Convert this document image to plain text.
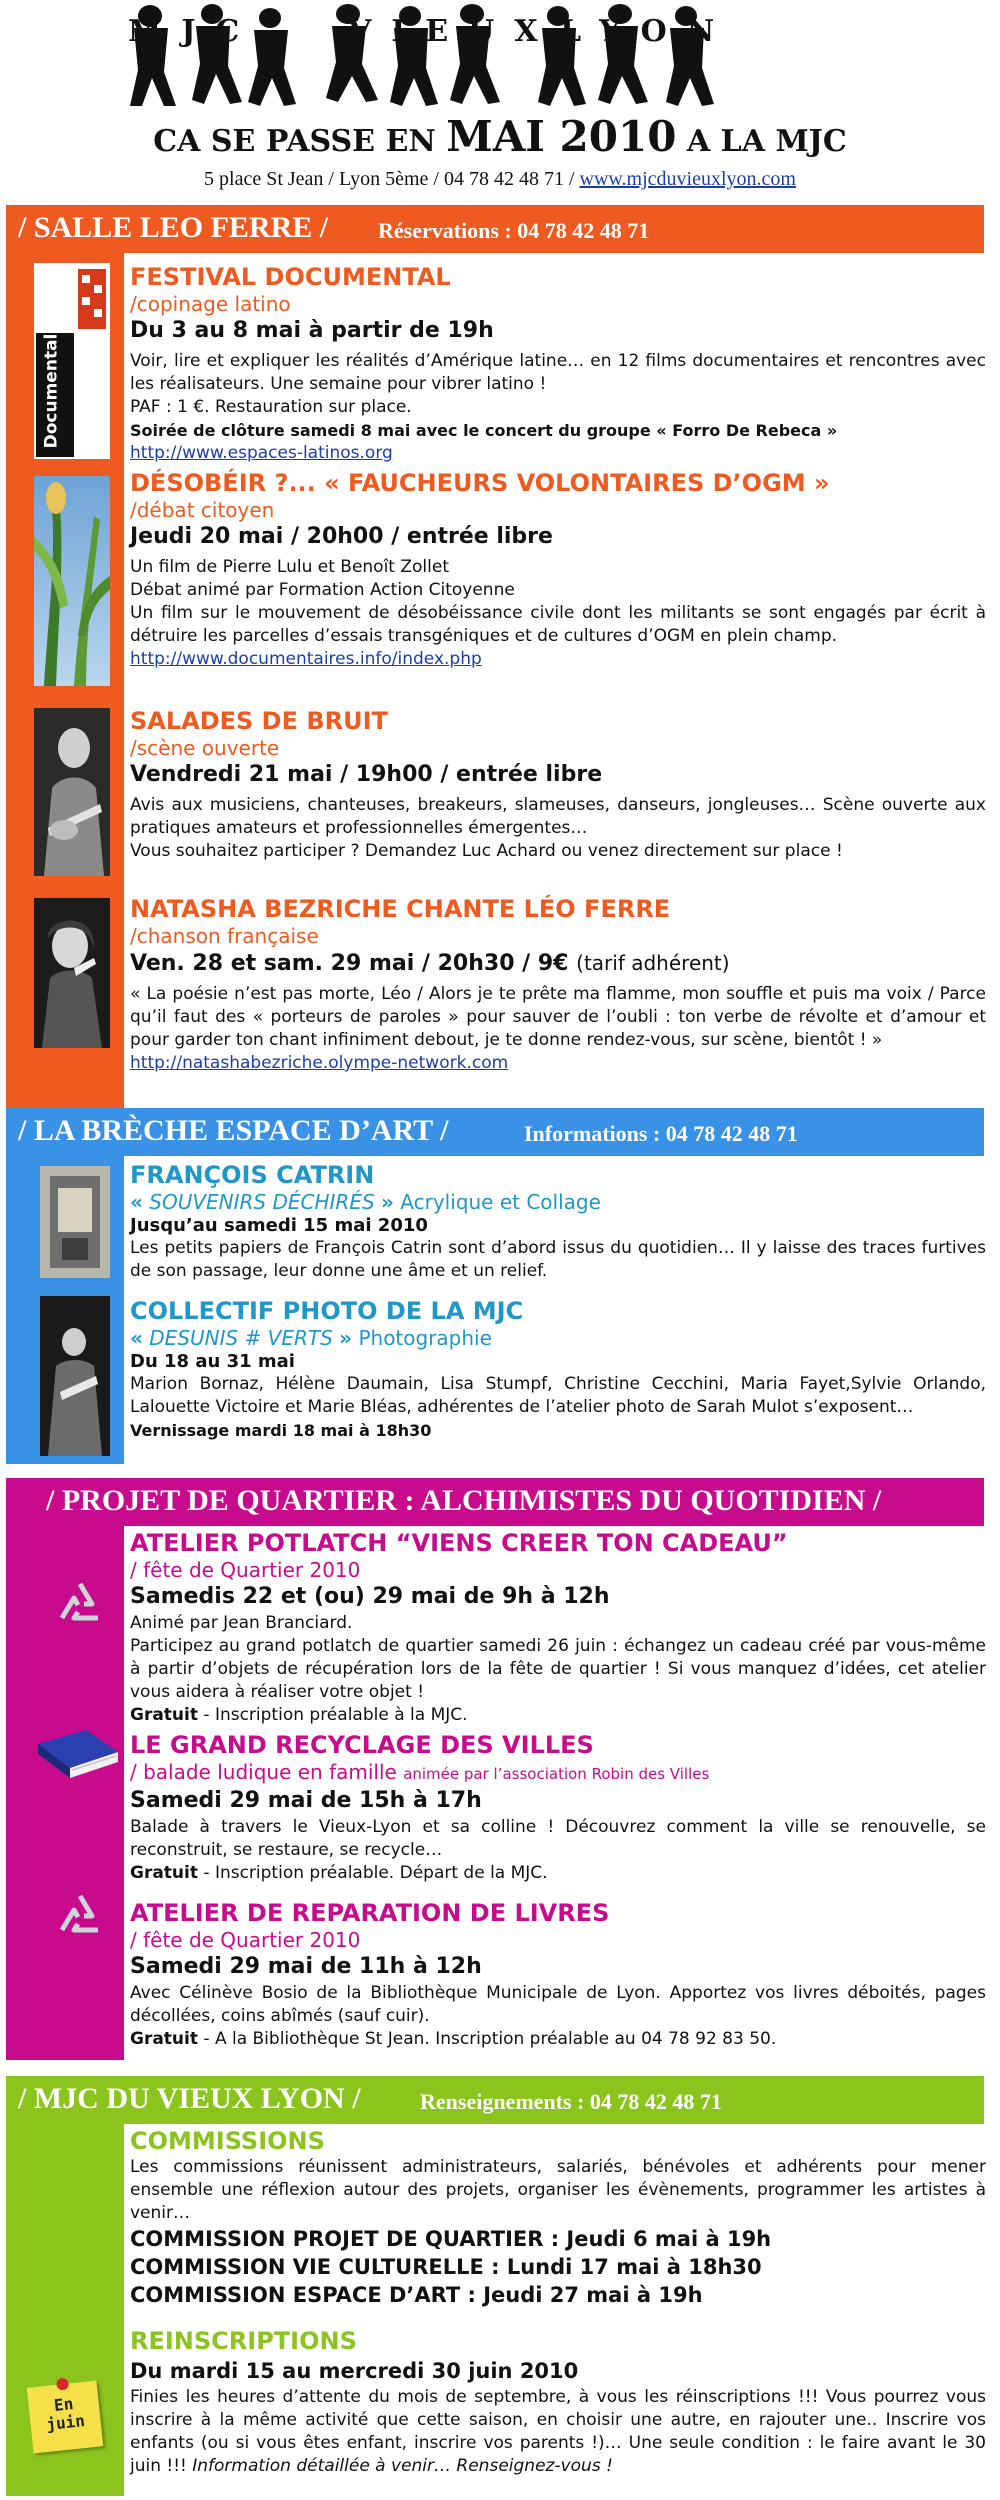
MJC	VIEUX LYON
CA SE PASSE EN MAI 2010 A LA MJC
5 place St Jean / Lyon 5ème / 04 78 42 48 71 / www.mjcduvieuxlyon.com
/ SALLE LEO FERRE / Réservations : 04 78 42 48 71
Documental
FESTIVAL DOCUMENTAL
/copinage latino
Du 3 au 8 mai à partir de 19h
Voir, lire et expliquer les réalités d’Amérique latine… en 12 films documentaires et rencontres avec les réalisateurs. Une semaine pour vibrer latino !
PAF : 1 €. Restauration sur place.
Soirée de clôture samedi 8 mai avec le concert du groupe « Forro De Rebeca »
http://www.espaces-latinos.org
DÉSOBÉIR ?... « FAUCHEURS VOLONTAIRES D’OGM »
/débat citoyen
Jeudi 20 mai / 20h00 / entrée libre
Un film de Pierre Lulu et Benoît Zollet
Débat animé par Formation Action Citoyenne
Un film sur le mouvement de désobéissance civile dont les militants se sont engagés par écrit à détruire les parcelles d’essais transgéniques et de cultures d’OGM en plein champ.
http://www.documentaires.info/index.php
SALADES DE BRUIT
/scène ouverte
Vendredi 21 mai / 19h00 / entrée libre
Avis aux musiciens, chanteuses, breakeurs, slameuses, danseurs, jongleuses… Scène ouverte aux pratiques amateurs et professionnelles émergentes…
Vous souhaitez participer ? Demandez Luc Achard ou venez directement sur place !
NATASHA BEZRICHE CHANTE LÉO FERRE
/chanson française
Ven. 28 et sam. 29 mai / 20h30 / 9€ (tarif adhérent)
« La poésie n’est pas morte, Léo / Alors je te prête ma flamme, mon souffle et puis ma voix / Parce qu’il faut des « porteurs de paroles » pour sauver de l’oubli : ton verbe de révolte et d’amour et pour garder ton chant infiniment debout, je te donne rendez-vous, sur scène, bientôt ! »
http://natashabezriche.olympe-network.com
/ LA BRÈCHE ESPACE D’ART /	Informations : 04 78 42 48 71
FRANÇOIS CATRIN
« SOUVENIRS DÉCHIRÉS » Acrylique et Collage
Jusqu’au samedi 15 mai 2010
Les petits papiers de François Catrin sont d’abord issus du quotidien… Il y laisse des traces furtives de son passage, leur donne une âme et un relief.
COLLECTIF PHOTO DE LA MJC
« DESUNIS # VERTS » Photographie
Du 18 au 31 mai
Marion Bornaz, Hélène Daumain, Lisa Stumpf, Christine Cecchini, Maria Fayet,Sylvie Orlando, Lalouette Victoire et Marie Bléas, adhérentes de l’atelier photo de Sarah Mulot s’exposent…
Vernissage mardi 18 mai à 18h30
/ PROJET DE QUARTIER : ALCHIMISTES DU QUOTIDIEN /
ATELIER POTLATCH “VIENS CREER TON CADEAU”
/ fête de Quartier 2010
Samedis 22 et (ou) 29 mai de 9h à 12h
Animé par Jean Branciard.
Participez au grand potlatch de quartier samedi 26 juin : échangez un cadeau créé par vous-même à partir d’objets de récupération lors de la fête de quartier ! Si vous manquez d’idées, cet atelier vous aidera à réaliser votre objet !
Gratuit - Inscription préalable à la MJC.
LE GRAND RECYCLAGE DES VILLES
/ balade ludique en famille animée par l’association Robin des Villes
Samedi 29 mai de 15h à 17h
Balade à travers le Vieux-Lyon et sa colline ! Découvrez comment la ville se renouvelle, se reconstruit, se restaure, se recycle…
Gratuit - Inscription préalable. Départ de la MJC.
ATELIER DE REPARATION DE LIVRES
/ fête de Quartier 2010
Samedi 29 mai de 11h à 12h
Avec Célinève Bosio de la Bibliothèque Municipale de Lyon. Apportez vos livres déboités, pages décollées, coins abîmés (sauf cuir).
Gratuit - A la Bibliothèque St Jean. Inscription préalable au 04 78 92 83 50.
/ MJC DU VIEUX LYON /	Renseignements : 04 78 42 48 71
COMMISSIONS
Les commissions réunissent administrateurs, salariés, bénévoles et adhérents pour mener ensemble une réflexion autour des projets, organiser les évènements, programmer les artistes à venir…
COMMISSION PROJET DE QUARTIER : Jeudi 6 mai à 19h
COMMISSION VIE CULTURELLE : Lundi 17 mai à 18h30
COMMISSION ESPACE D’ART : Jeudi 27 mai à 19h
REINSCRIPTIONS
Du mardi 15 au mercredi 30 juin 2010
Finies les heures d’attente du mois de septembre, à vous les réinscriptions !!! Vous pourrez vous inscrire à la même activité que cette saison, en choisir une autre, en rajouter une.. Inscrire vos enfants (ou si vous êtes enfant, inscrire vos parents !)… Une seule condition : le faire avant le 30 juin !!! Information détaillée à venir… Renseignez-vous !
En juin
